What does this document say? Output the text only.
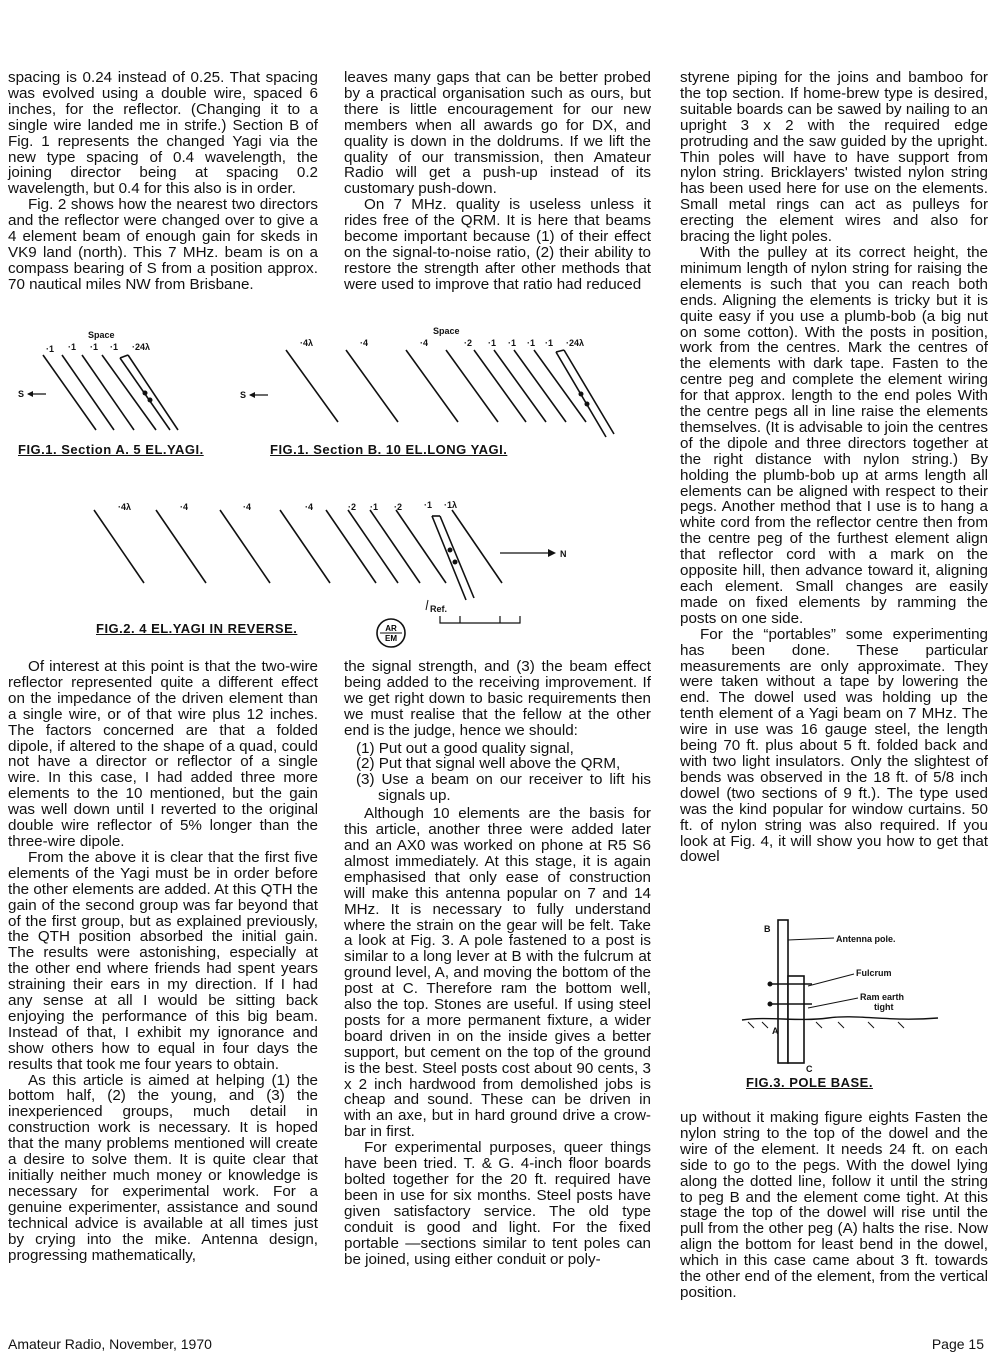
spacing is 0.24 instead of 0.25. That spacing was evolved using a double wire, spaced 6 inches, for the reflector. (Changing it to a single wire landed me in strife.) Section B of Fig. 1 represents the changed Yagi via the new type spacing of 0.4 wavelength, the joining director being at spacing 0.2 wavelength, but 0.4 for this also is in order.

Fig. 2 shows how the nearest two directors and the reflector were changed over to give a 4 element beam of enough gain for skeds in VK9 land (north). This 7 MHz. beam is on a compass bearing of S from a position approx. 70 nautical miles NW from Brisbane.

leaves many gaps that can be better probed by a practical organisation such as ours, but there is little encouragement for our new members when all awards go for DX, and quality is down in the doldrums. If we lift the quality of our transmission, then Amateur Radio will get a push-up instead of its customary push-down.

On 7 MHz. quality is useless unless it rides free of the QRM. It is here that beams become important because (1) of their effect on the signal-to-noise ratio, (2) their ability to restore the strength after other methods that were used to improve that ratio had reduced

styrene piping for the joins and bamboo for the top section. If home-brew type is desired, suitable boards can be sawed by nailing to an upright 3 x 2 with the required edge protruding and the saw guided by the upright. Thin poles will have to have support from nylon string. Bricklayers' twisted nylon string has been used here for use on the elements. Small metal rings can act as pulleys for erecting the element wires and also for bracing the light poles.

With the pulley at its correct height, the minimum length of nylon string for raising the elements is such that you can reach both ends. Aligning the elements is tricky but it is quite easy if you use a plumb-bob (a big nut on some cotton). With the posts in position, work from the centres. Mark the centres of the elements with dark tape. Fasten to the centre peg and complete the element wiring for that approx. length to the end poles With the centre pegs all in line raise the elements themselves. (It is advisable to join the centres of the dipole and three directors together at the right distance with nylon string.) By holding the plumb-bob up at arms length all elements can be aligned with respect to their pegs. Another method that I use is to hang a white cord from the reflector centre then from the centre peg of the furthest element align that reflector cord with a mark on the opposite hill, then advance toward it, aligning each element. Small changes are easily made on fixed elements by ramming the posts on one side.

For the “portables” some experimenting has been done. These particular measurements are only approximate. They were taken without a tape by lowering the end. The dowel used was holding up the tenth element of a Yagi beam on 7 MHz. The wire in use was 16 gauge steel, the length being 70 ft. plus about 5 ft. folded back and with two light insulators. Only the slightest of bends was observed in the 18 ft. of 5/8 inch dowel (two sections of 9 ft.). The type used was the kind popular for window curtains. 50 ft. of nylon string was also required. If you look at Fig. 4, it will show you how to get that dowel

Space
·1 ·1 ·1 ·1 ·24λ
S
FIG.1. Section A. 5 EL.YAGI.
Space
·4λ	·4	·4	·2 ·1 ·1 ·1 ·1 ·24λ
S
FIG.1. Section B. 10 EL.LONG YAGI.
·4λ	·4	·4	·4	·2 ·1 ·2 ·1 ·1λ
N
Ref.
FIG.2. 4 EL.YAGI IN REVERSE.	AR
EM

Of interest at this point is that the two-wire reflector represented quite a different effect on the impedance of the driven element than a single wire, or of that wire plus 12 inches. The factors concerned are that a folded dipole, if altered to the shape of a quad, could not have a director or reflector of a single wire. In this case, I had added three more elements to the 10 mentioned, but the gain was well down until I reverted to the original double wire reflector of 5% longer than the three-wire dipole.

From the above it is clear that the first five elements of the Yagi must be in order before the other elements are added. At this QTH the gain of the second group was far beyond that of the first group, but as explained previously, the QTH position absorbed the initial gain. The results were astonishing, especially at the other end where friends had spent years straining their ears in my direction. If I had any sense at all I would be sitting back enjoying the performance of this big beam. Instead of that, I exhibit my ignorance and show others how to equal in four days the results that took me four years to obtain.

As this article is aimed at helping (1) the bottom half, (2) the young, and (3) the inexperienced groups, much detail in construction work is necessary. It is hoped that the many problems mentioned will create a desire to solve them. It is quite clear that initially neither much money or knowledge is necessary for experimental work. For a genuine experimenter, assistance and sound technical advice is available at all times just by crying into the mike. Antenna design, progressing mathematically,

the signal strength, and (3) the beam effect being added to the receiving improvement. If we get right down to basic requirements then we must realise that the fellow at the other end is the judge, hence we should:

(1) Put out a good quality signal,
(2) Put that signal well above the QRM,
(3) Use a beam on our receiver to lift his signals up.

Although 10 elements are the basis for this article, another three were added later and an AX0 was worked on phone at R5 S6 almost immediately. At this stage, it is again emphasised that only ease of construction will make this antenna popular on 7 and 14 MHz. It is necessary to fully understand where the strain on the gear will be felt. Take a look at Fig. 3. A pole fastened to a post is similar to a long lever at B with the fulcrum at ground level, A, and moving the bottom of the post at C. Therefore ram the bottom well, also the top. Stones are useful. If using steel posts for a more permanent fixture, a wider board driven in on the inside gives a better support, but cement on the top of the ground is the best. Steel posts cost about 90 cents, 3 x 2 inch hardwood from demolished jobs is cheap and sound. These can be driven in with an axe, but in hard ground drive a crow-bar in first.

For experimental purposes, queer things have been tried. T. & G. 4-inch floor boards bolted together for the 20 ft. required have been in use for six months. Steel posts have given satisfactory service. The old type conduit is good and light. For the fixed portable —sections similar to tent poles can be joined, using either conduit or poly-

B
Antenna pole.
Fulcrum
Ram earth
tight
A
C
FIG.3. POLE BASE.

up without it making figure eights Fasten the nylon string to the top of the dowel and the wire of the element. It needs 24 ft. on each side to go to the pegs. With the dowel lying along the dotted line, follow it until the string to peg B and the element come tight. At this stage the top of the dowel will rise until the pull from the other peg (A) halts the rise. Now align the bottom for least bend in the dowel, which in this case came about 3 ft. towards the other end of the element, from the vertical position.

Amateur Radio, November, 1970	Page 15
